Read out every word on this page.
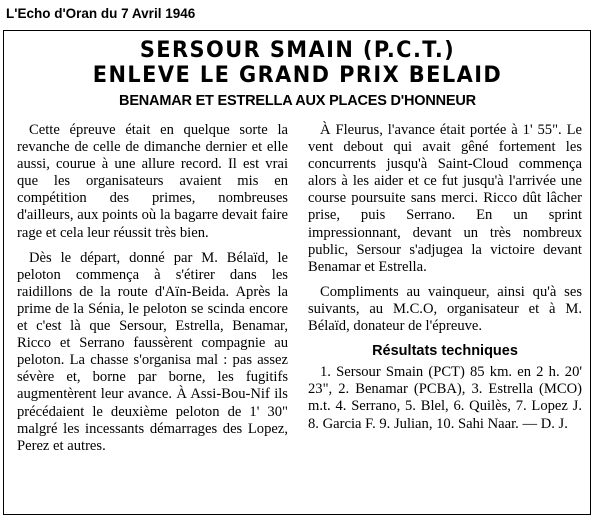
L'Echo d'Oran du 7 Avril 1946
SERSOUR SMAIN (P.C.T.)
ENLEVE LE GRAND PRIX BELAID
BENAMAR ET ESTRELLA AUX PLACES D'HONNEUR

Cette épreuve était en quelque sorte la revanche de celle de dimanche dernier et elle aussi, courue à une allure record. Il est vrai que les organisateurs avaient mis en compétition des primes, nombreuses d'ailleurs, aux points où la bagarre devait faire rage et cela leur réussit très bien.

Dès le départ, donné par M. Bélaïd, le peloton commença à s'étirer dans les raidillons de la route d'Aïn-Beida. Après la prime de la Sénia, le peloton se scinda encore et c'est là que Sersour, Estrella, Benamar, Ricco et Serrano faussèrent compagnie au peloton. La chasse s'organisa mal : pas assez sévère et, borne par borne, les fugitifs augmentèrent leur avance. À Assi-Bou-Nif ils précédaient le deuxième peloton de 1' 30" malgré les incessants démarrages des Lopez, Perez et autres.

À Fleurus, l'avance était portée à 1' 55". Le vent debout qui avait gêné fortement les concurrents jusqu'à Saint-Cloud commença alors à les aider et ce fut jusqu'à l'arrivée une course poursuite sans merci. Ricco dût lâcher prise, puis Serrano. En un sprint impressionnant, devant un très nombreux public, Sersour s'adjugea la victoire devant Benamar et Estrella.

Compliments au vainqueur, ainsi qu'à ses suivants, au M.C.O, organisateur et à M. Bélaïd, donateur de l'épreuve.

Résultats techniques

1. Sersour Smain (PCT) 85 km. en 2 h. 20' 23", 2. Benamar (PCBA), 3. Estrella (MCO) m.t. 4. Serrano, 5. Blel, 6. Quilès, 7. Lopez J. 8. Garcia F. 9. Julian, 10. Sahi Naar. — D. J.
